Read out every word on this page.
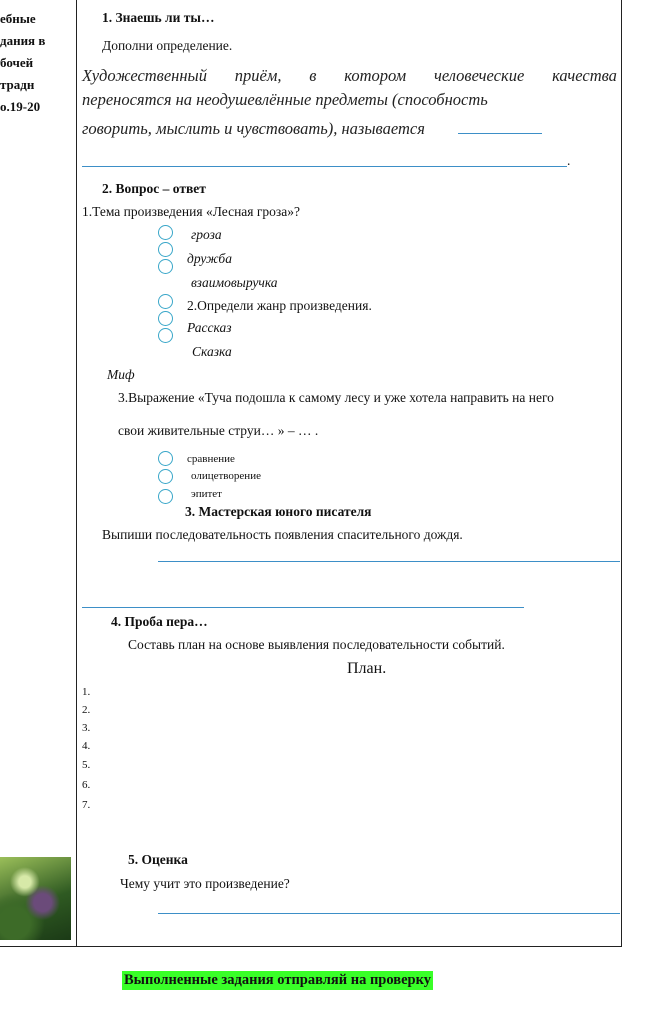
ебные
дания в
бочей
традн
о.19-20
1. Знаешь ли ты…
Дополни определение.
Художественный приём, в котором человеческие качества
переносятся на неодушевлённые предметы (способность
говорить, мыслить и чувствовать), называется
.
2. Вопрос – ответ
1.Тема произведения «Лесная гроза»?
гроза
дружба
взаимовыручка
2.Определи жанр произведения.
Рассказ
Сказка
Миф
3.Выражение «Туча подошла к самому лесу и уже хотела направить на него
свои живительные струи… » – … .
сравнение
олицетворение
эпитет
3. Мастерская юного писателя
Выпиши последовательность появления спасительного дождя.
4. Проба пера…
Составь план на основе выявления последовательности событий.
План.
1.
2.
3.
4.
5.
6.
7.
5. Оценка
Чему учит это произведение?
Выполненные задания отправляй на проверку
